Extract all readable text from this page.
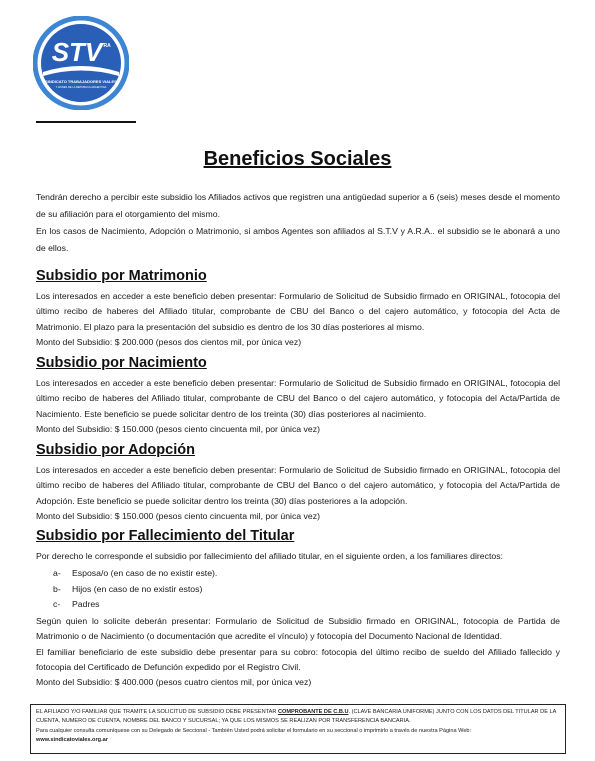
STV
y RA
SINDICATO TRABAJADORES VIALES
Y AFINES DE LA REPUBLICA ARGENTINA
Beneficios Sociales

Tendrán derecho a percibir este subsidio los Afiliados activos que registren una antigüedad superior a 6 (seis) meses desde el momento de su afiliación para el otorgamiento del mismo.

En los casos de Nacimiento, Adopción o Matrimonio, si ambos Agentes son afiliados al S.T.V y A.R.A.. el subsidio se le abonará a uno de ellos.

Subsidio por Matrimonio

Los interesados en acceder a este beneficio deben presentar: Formulario de Solicitud de Subsidio firmado en ORIGINAL, fotocopia del último recibo de haberes del Afiliado titular, comprobante de CBU del Banco o del cajero automático, y fotocopia del Acta de Matrimonio. El plazo para la presentación del subsidio es dentro de los 30 días posteriores al mismo.

Monto del Subsidio: $ 200.000 (pesos dos cientos mil, por única vez)
Subsidio por Nacimiento

Los interesados en acceder a este beneficio deben presentar: Formulario de Solicitud de Subsidio firmado en ORIGINAL, fotocopia del último recibo de haberes del Afiliado titular, comprobante de CBU del Banco o del cajero automático, y fotocopia del Acta/Partida de Nacimiento. Este beneficio se puede solicitar dentro de los treinta (30) días posteriores al nacimiento.

Monto del Subsidio: $ 150.000 (pesos ciento cincuenta mil, por única vez)
Subsidio por Adopción

Los interesados en acceder a este beneficio deben presentar: Formulario de Solicitud de Subsidio firmado en ORIGINAL, fotocopia del último recibo de haberes del Afiliado titular, comprobante de CBU del Banco o del cajero automático, y fotocopia del Acta/Partida de Adopción. Este beneficio se puede solicitar dentro los treinta (30) días posteriores a la adopción.

Monto del Subsidio: $ 150.000 (pesos ciento cincuenta mil, por única vez)
Subsidio por Fallecimiento del Titular

Por derecho le corresponde el subsidio por fallecimiento del afiliado titular, en el siguiente orden, a los familiares directos:

a-	Esposa/o (en caso de no existir este).
b-	Hijos (en caso de no existir estos)
c-	Padres

Según quien lo solicite deberán presentar: Formulario de Solicitud de Subsidio firmado en ORIGINAL, fotocopia de Partida de Matrimonio o de Nacimiento (o documentación que acredite el vínculo) y fotocopia del Documento Nacional de Identidad.

El familiar beneficiario de este subsidio debe presentar para su cobro: fotocopia del último recibo de sueldo del Afiliado fallecido y fotocopia del Certificado de Defunción expedido por el Registro Civil.

Monto del Subsidio: $ 400.000 (pesos cuatro cientos mil, por única vez)
EL AFILIADO Y/O FAMILIAR QUE TRAMITE LA SOLICITUD DE SUBSIDIO DEBE PRESENTAR COMPROBANTE DE C.B.U. (CLAVE BANCARIA UNIFORME) JUNTO CON LOS DATOS DEL TITULAR DE LA CUENTA, NUMERO DE CUENTA, NOMBRE DEL BANCO Y SUCURSAL; YA QUE LOS MISMOS SE REALIZAN POR TRANSFERENCIA BANCARIA.
Para cualquier consulta comuníquese con su Delegado de Seccional - También Usted podrá solicitar el formulario en su seccional o imprimirlo a través de nuestra Página Web:
www.sindicatoviales.org.ar
